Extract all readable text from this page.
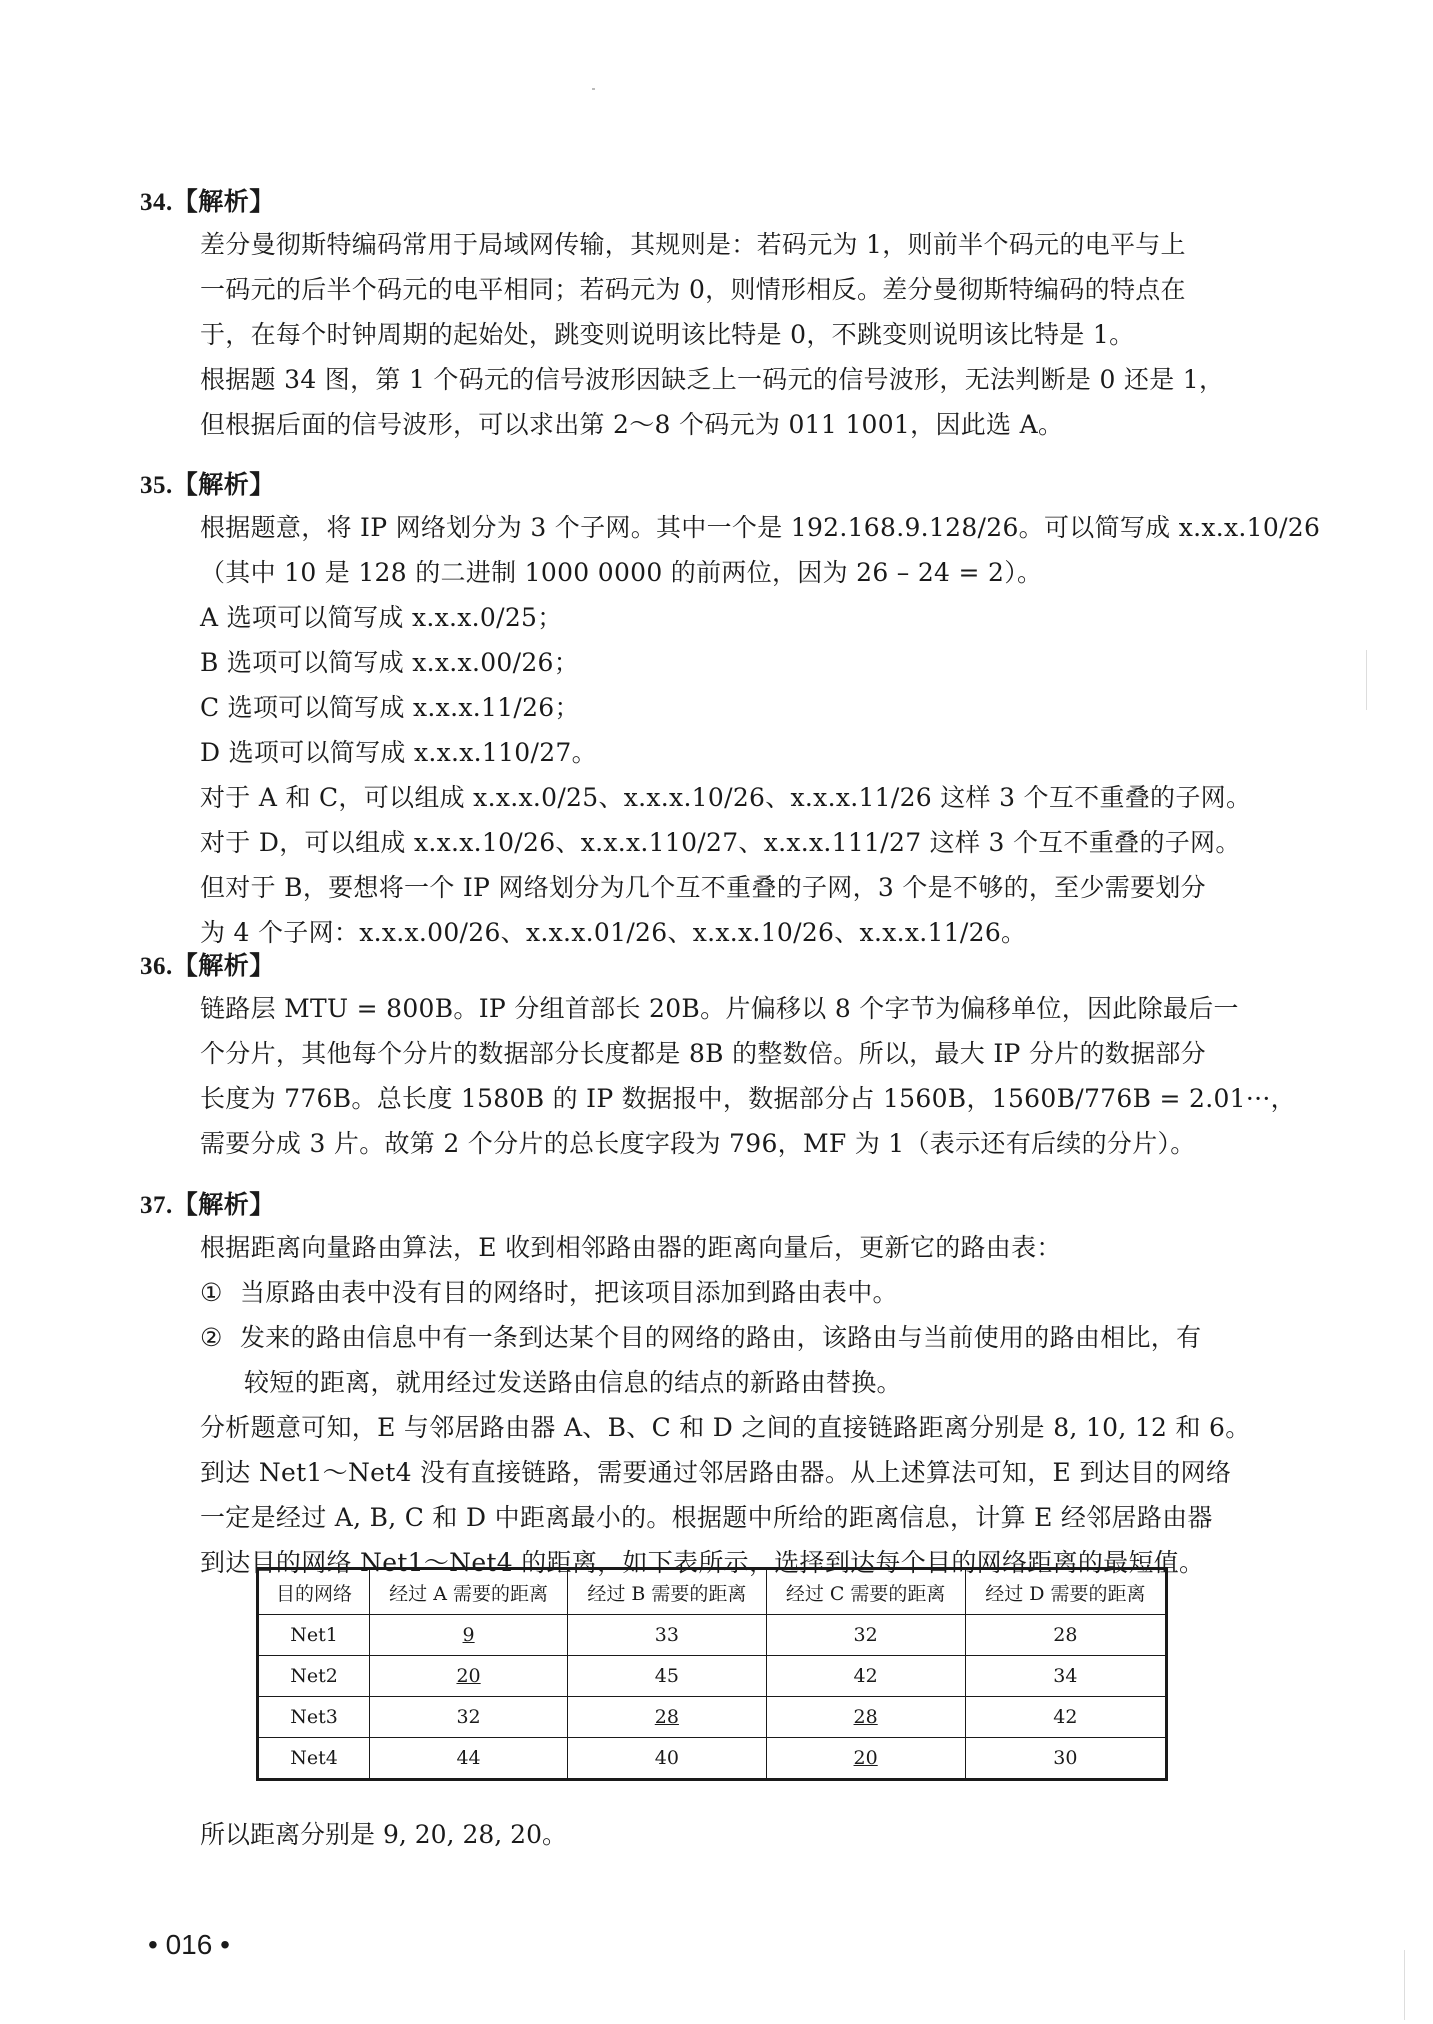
34.【解析】
差分曼彻斯特编码常用于局域网传输，其规则是：若码元为 1，则前半个码元的电平与上
一码元的后半个码元的电平相同；若码元为 0，则情形相反。差分曼彻斯特编码的特点在
于，在每个时钟周期的起始处，跳变则说明该比特是 0，不跳变则说明该比特是 1。
根据题 34 图，第 1 个码元的信号波形因缺乏上一码元的信号波形，无法判断是 0 还是 1，
但根据后面的信号波形，可以求出第 2～8 个码元为 011 1001，因此选 A。
35.【解析】
根据题意，将 IP 网络划分为 3 个子网。其中一个是 192.168.9.128/26。可以简写成 x.x.x.10/26
（其中 10 是 128 的二进制 1000 0000 的前两位，因为 26 – 24 = 2）。
A 选项可以简写成 x.x.x.0/25；
B 选项可以简写成 x.x.x.00/26；
C 选项可以简写成 x.x.x.11/26；
D 选项可以简写成 x.x.x.110/27。
对于 A 和 C，可以组成 x.x.x.0/25、x.x.x.10/26、x.x.x.11/26 这样 3 个互不重叠的子网。
对于 D，可以组成 x.x.x.10/26、x.x.x.110/27、x.x.x.111/27 这样 3 个互不重叠的子网。
但对于 B，要想将一个 IP 网络划分为几个互不重叠的子网，3 个是不够的，至少需要划分
为 4 个子网：x.x.x.00/26、x.x.x.01/26、x.x.x.10/26、x.x.x.11/26。
36.【解析】
链路层 MTU = 800B。IP 分组首部长 20B。片偏移以 8 个字节为偏移单位，因此除最后一
个分片，其他每个分片的数据部分长度都是 8B 的整数倍。所以，最大 IP 分片的数据部分
长度为 776B。总长度 1580B 的 IP 数据报中，数据部分占 1560B，1560B/776B = 2.01···，
需要分成 3 片。故第 2 个分片的总长度字段为 796，MF 为 1（表示还有后续的分片）。
37.【解析】
根据距离向量路由算法，E 收到相邻路由器的距离向量后，更新它的路由表：
① 当原路由表中没有目的网络时，把该项目添加到路由表中。
② 发来的路由信息中有一条到达某个目的网络的路由，该路由与当前使用的路由相比，有
较短的距离，就用经过发送路由信息的结点的新路由替换。
分析题意可知，E 与邻居路由器 A、B、C 和 D 之间的直接链路距离分别是 8, 10, 12 和 6。
到达 Net1～Net4 没有直接链路，需要通过邻居路由器。从上述算法可知，E 到达目的网络
一定是经过 A, B, C 和 D 中距离最小的。根据题中所给的距离信息，计算 E 经邻居路由器
到达目的网络 Net1～Net4 的距离，如下表所示，选择到达每个目的网络距离的最短值。
目的网络	经过 A 需要的距离	经过 B 需要的距离	经过 C 需要的距离	经过 D 需要的距离
Net1	9	33	32	28
Net2	20	45	42	34
Net3	32	28	28	42
Net4	44	40	20	30
所以距离分别是 9, 20, 28, 20。
• 016 •
